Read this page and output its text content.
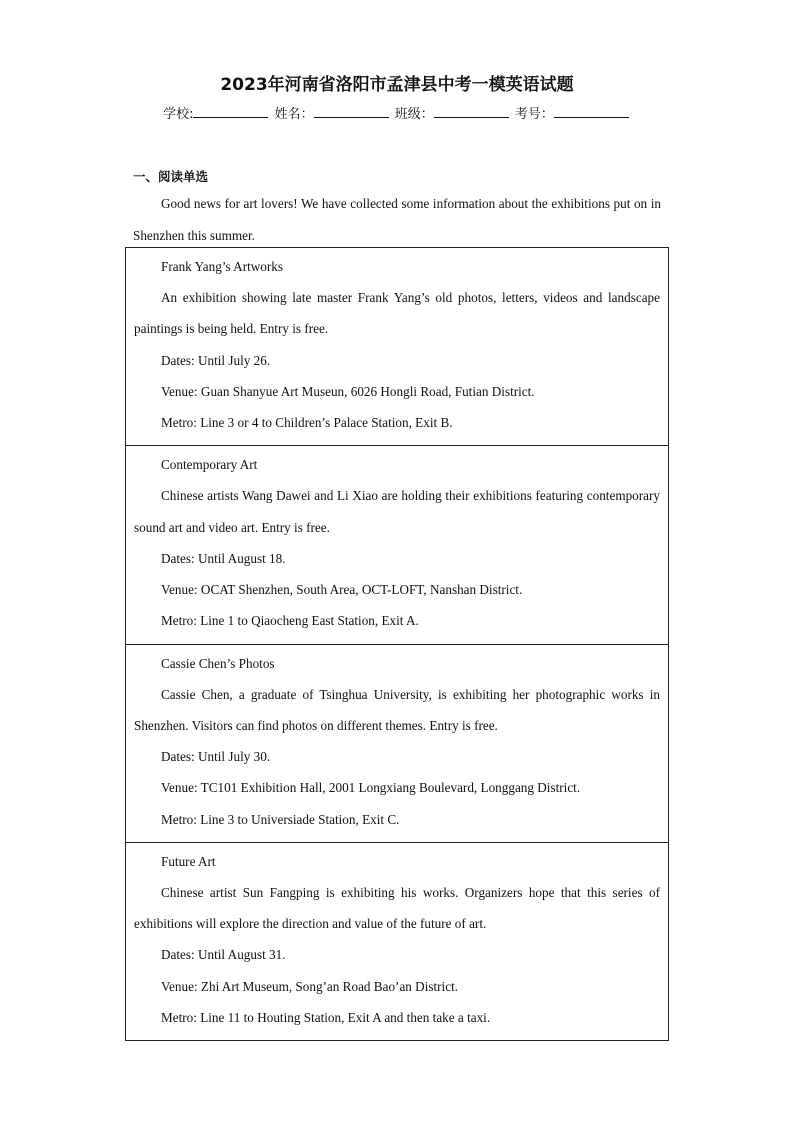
2023年河南省洛阳市孟津县中考一模英语试题
学校:	姓名：	班级：	考号：
一、阅读单选

Good news for art lovers! We have collected some information about the exhibitions put on in Shenzhen this summer.

Frank Yang’s Artworks

An exhibition showing late master Frank Yang’s old photos, letters, videos and landscape paintings is being held. Entry is free.

Dates: Until July 26.

Venue: Guan Shanyue Art Museun, 6026 Hongli Road, Futian District.

Metro: Line 3 or 4 to Children’s Palace Station, Exit B.

Contemporary Art

Chinese artists Wang Dawei and Li Xiao are holding their exhibitions featuring contemporary sound art and video art. Entry is free.

Dates: Until August 18.

Venue: OCAT Shenzhen, South Area, OCT-LOFT, Nanshan District.

Metro: Line 1 to Qiaocheng East Station, Exit A.

Cassie Chen’s Photos

Cassie Chen, a graduate of Tsinghua University, is exhibiting her photographic works in Shenzhen. Visitors can find photos on different themes. Entry is free.

Dates: Until July 30.

Venue: TC101 Exhibition Hall, 2001 Longxiang Boulevard, Longgang District.

Metro: Line 3 to Universiade Station, Exit C.

Future Art

Chinese artist Sun Fangping is exhibiting his works. Organizers hope that this series of exhibitions will explore the direction and value of the future of art.

Dates: Until August 31.

Venue: Zhi Art Museum, Song’an Road Bao’an District.

Metro: Line 11 to Houting Station, Exit A and then take a taxi.
